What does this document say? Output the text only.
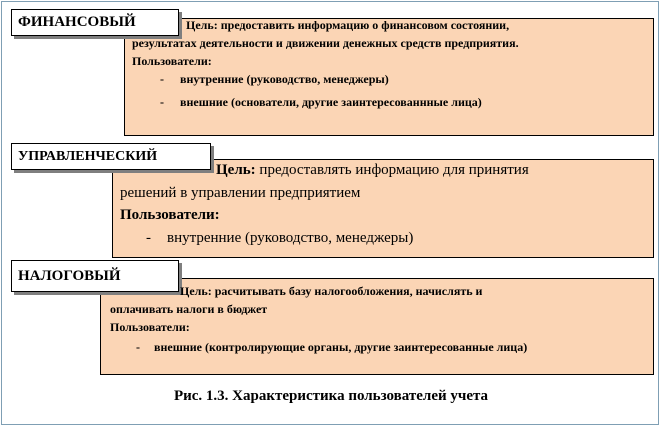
ФИНАНСОВЫЙ	Цель: предоставить информацию о финансовом состоянии,
результатах деятельности и движении денежных средств предприятия.
Пользователи:
- внутренние (руководство, менеджеры)
- внешние (основатели, другие заинтересованнные лица)
УПРАВЛЕНЧЕСКИЙ
Цель: предоставлять информацию для принятия
решений в управлении предприятием
Пользователи:
- внутренние (руководство, менеджеры)
НАЛОГОВЫЙ
Цель: расчитывать базу налогообложения, начислять и
оплачивать налоги в бюджет
Пользователи:
- внешние (контролирующие органы, другие заинтересованные лица)
Рис. 1.3. Характеристика пользователей учета
